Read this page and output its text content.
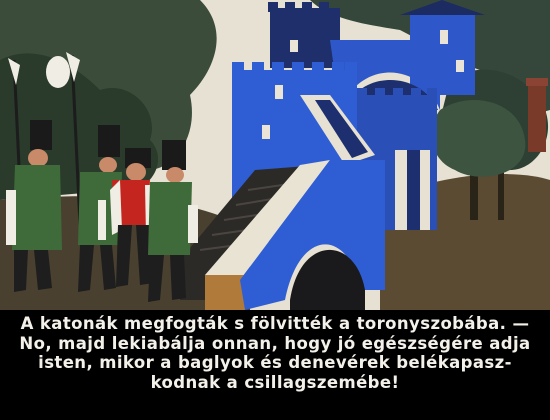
A katonák megfogták s fölvitték a toronyszobába. —
No, majd lekiabálja onnan, hogy jó egészségére adja
isten, mikor a baglyok és denevérek belékapasz-
kodnak a csillagszemébe!
